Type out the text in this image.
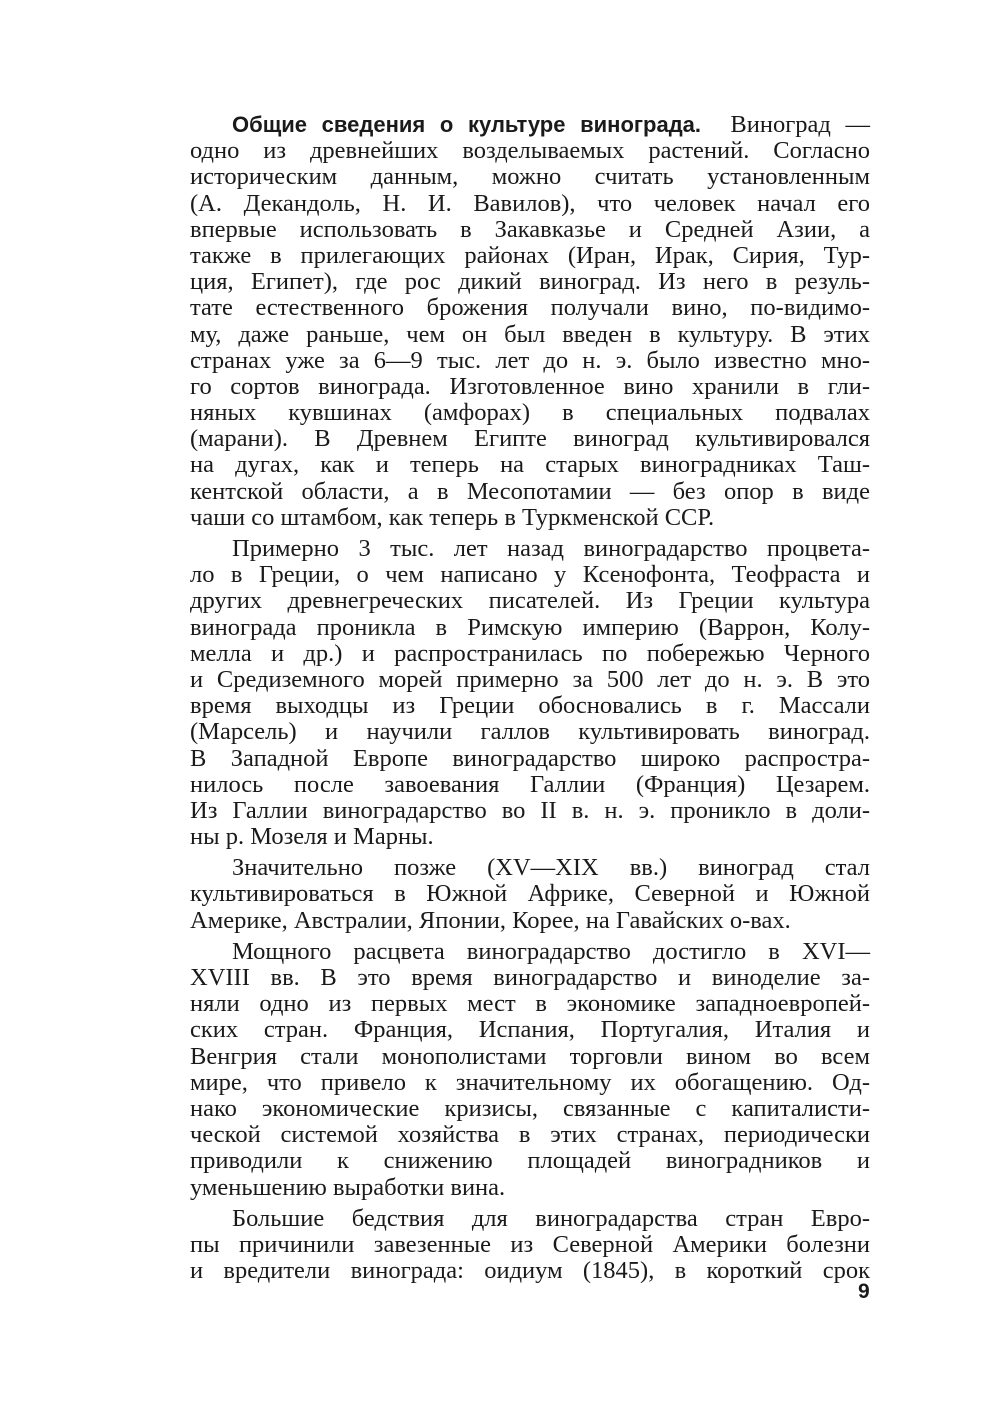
Общие сведения о культуре винограда. Виноград —
одно из древнейших возделываемых растений. Согласно
историческим данным, можно считать установленным
(А. Декандоль, Н. И. Вавилов), что человек начал его
впервые использовать в Закавказье и Средней Азии, а
также в прилегающих районах (Иран, Ирак, Сирия, Тур-
ция, Египет), где рос дикий виноград. Из него в резуль-
тате естественного брожения получали вино, по-видимо-
му, даже раньше, чем он был введен в культуру. В этих
странах уже за 6—9 тыс. лет до н. э. было известно мно-
го сортов винограда. Изготовленное вино хранили в гли-
няных кувшинах (амфорах) в специальных подвалах
(марани). В Древнем Египте виноград культивировался
на дугах, как и теперь на старых виноградниках Таш-
кентской области, а в Месопотамии — без опор в виде
чаши со штамбом, как теперь в Туркменской ССР.
Примерно 3 тыс. лет назад виноградарство процвета-
ло в Греции, о чем написано у Ксенофонта, Теофраста и
других древнегреческих писателей. Из Греции культура
винограда проникла в Римскую империю (Варрон, Колу-
мелла и др.) и распространилась по побережью Черного
и Средиземного морей примерно за 500 лет до н. э. В это
время выходцы из Греции обосновались в г. Массали
(Марсель) и научили галлов культивировать виноград.
В Западной Европе виноградарство широко распростра-
нилось после завоевания Галлии (Франция) Цезарем.
Из Галлии виноградарство во II в. н. э. проникло в доли-
ны р. Мозеля и Марны.
Значительно позже (XV—XIX вв.) виноград стал
культивироваться в Южной Африке, Северной и Южной
Америке, Австралии, Японии, Корее, на Гавайских о-вах.
Мощного расцвета виноградарство достигло в XVI—
XVIII вв. В это время виноградарство и виноделие за-
няли одно из первых мест в экономике западноевропей-
ских стран. Франция, Испания, Португалия, Италия и
Венгрия стали монополистами торговли вином во всем
мире, что привело к значительному их обогащению. Од-
нако экономические кризисы, связанные с капиталисти-
ческой системой хозяйства в этих странах, периодически
приводили к снижению площадей виноградников и
уменьшению выработки вина.
Большие бедствия для виноградарства стран Евро-
пы причинили завезенные из Северной Америки болезни
и вредители винограда: оидиум (1845), в короткий срок
9
